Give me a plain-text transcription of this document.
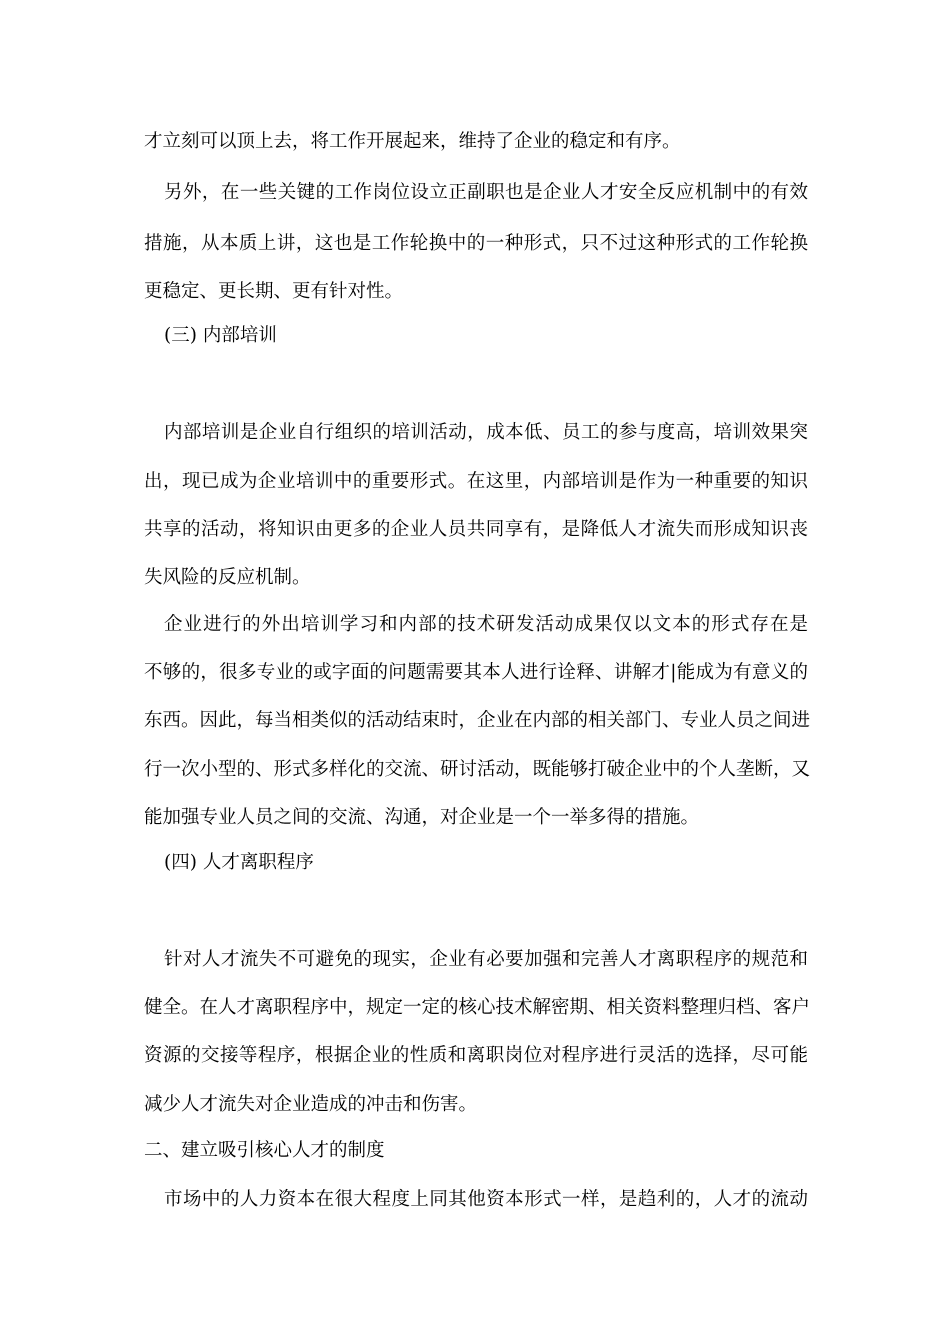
才立刻可以顶上去，将工作开展起来，维持了企业的稳定和有序。
另外，在一些关键的工作岗位设立正副职也是企业人才安全反应机制中的有效
措施，从本质上讲，这也是工作轮换中的一种形式，只不过这种形式的工作轮换
更稳定、更长期、更有针对性。
(三) 内部培训
内部培训是企业自行组织的培训活动，成本低、员工的参与度高，培训效果突
出，现已成为企业培训中的重要形式。在这里，内部培训是作为一种重要的知识
共享的活动，将知识由更多的企业人员共同享有，是降低人才流失而形成知识丧
失风险的反应机制。
企业进行的外出培训学习和内部的技术研发活动成果仅以文本的形式存在是
不够的，很多专业的或字面的问题需要其本人进行诠释、讲解才|能成为有意义的
东西。因此，每当相类似的活动结束时，企业在内部的相关部门、专业人员之间进
行一次小型的、形式多样化的交流、研讨活动，既能够打破企业中的个人垄断，又
能加强专业人员之间的交流、沟通，对企业是一个一举多得的措施。
(四) 人才离职程序
针对人才流失不可避免的现实，企业有必要加强和完善人才离职程序的规范和
健全。在人才离职程序中，规定一定的核心技术解密期、相关资料整理归档、客户
资源的交接等程序，根据企业的性质和离职岗位对程序进行灵活的选择，尽可能
减少人才流失对企业造成的冲击和伤害。
二、建立吸引核心人才的制度
市场中的人力资本在很大程度上同其他资本形式一样，是趋利的，人才的流动
